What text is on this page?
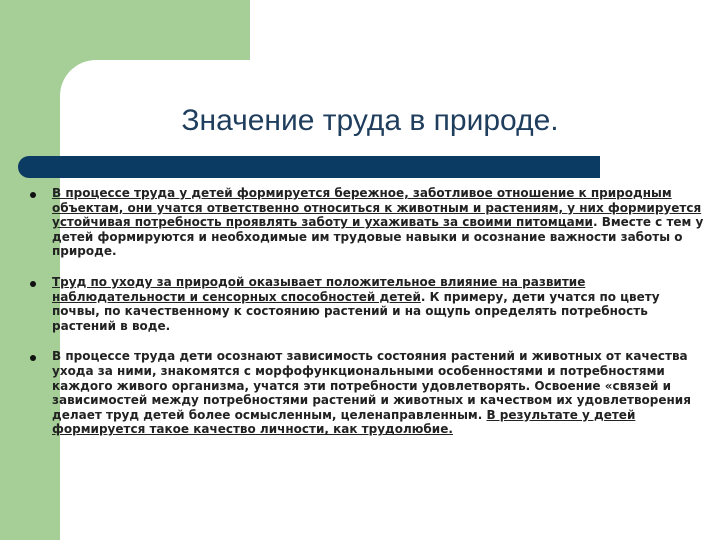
Значение труда в природе.
В процессе труда у детей формируется бережное, заботливое отношение к природным объектам, они учатся ответственно относиться к животным и растениям, у них формируется устойчивая потребность проявлять заботу и ухаживать за своими питомцами. Вместе с тем у детей формируются и необходимые им трудовые навыки и осознание важности заботы о природе.
Труд по уходу за природой оказывает положительное влияние на развитие наблюдательности и сенсорных способностей детей. К примеру, дети учатся по цвету почвы, по качественному к состоянию растений и на ощупь определять потребность растений в воде.
В процессе труда дети осознают зависимость состояния растений и животных от качества ухода за ними, знакомятся с морфофункциональными особенностями и потребностями каждого живого организма, учатся эти потребности удовлетворять. Освоение «связей и зависимостей между потребностями растений и животных и качеством их удовлетворения делает труд детей более осмысленным, целенаправленным. В результате у детей формируется такое качество личности, как трудолюбие.
